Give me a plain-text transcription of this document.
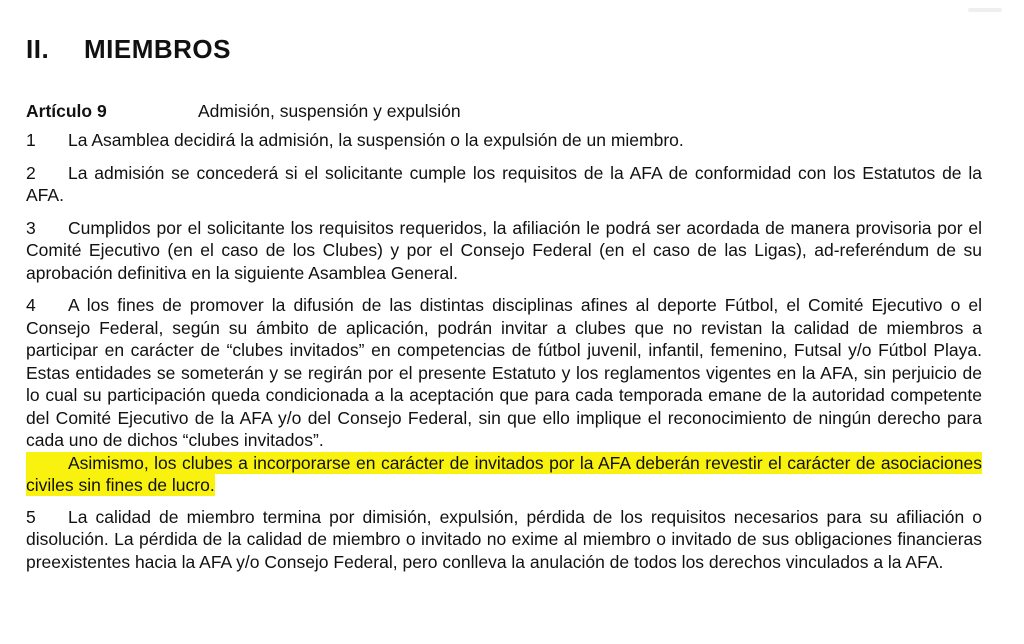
II. MIEMBROS
Artículo 9	Admisión, suspensión y expulsión

1 La Asamblea decidirá la admisión, la suspensión o la expulsión de un miembro.

2 La admisión se concederá si el solicitante cumple los requisitos de la AFA de conformidad con los Estatutos de la AFA.

3 Cumplidos por el solicitante los requisitos requeridos, la afiliación le podrá ser acordada de manera provisoria por el Comité Ejecutivo (en el caso de los Clubes) y por el Consejo Federal (en el caso de las Ligas), ad-referéndum de su aprobación definitiva en la siguiente Asamblea General.

4 A los fines de promover la difusión de las distintas disciplinas afines al deporte Fútbol, el Comité Ejecutivo o el Consejo Federal, según su ámbito de aplicación, podrán invitar a clubes que no revistan la calidad de miembros a participar en carácter de “clubes invitados” en competencias de fútbol juvenil, infantil, femenino, Futsal y/o Fútbol Playa. Estas entidades se someterán y se regirán por el presente Estatuto y los reglamentos vigentes en la AFA, sin perjuicio de lo cual su participación queda condicionada a la aceptación que para cada temporada emane de la autoridad competente del Comité Ejecutivo de la AFA y/o del Consejo Federal, sin que ello implique el reconocimiento de ningún derecho para cada uno de dichos “clubes invitados”.

Asimismo, los clubes a incorporarse en carácter de invitados por la AFA deberán revestir el carácter de asociaciones civiles sin fines de lucro.

5 La calidad de miembro termina por dimisión, expulsión, pérdida de los requisitos necesarios para su afiliación o disolución. La pérdida de la calidad de miembro o invitado no exime al miembro o invitado de sus obligaciones financieras preexistentes hacia la AFA y/o Consejo Federal, pero conlleva la anulación de todos los derechos vinculados a la AFA.
